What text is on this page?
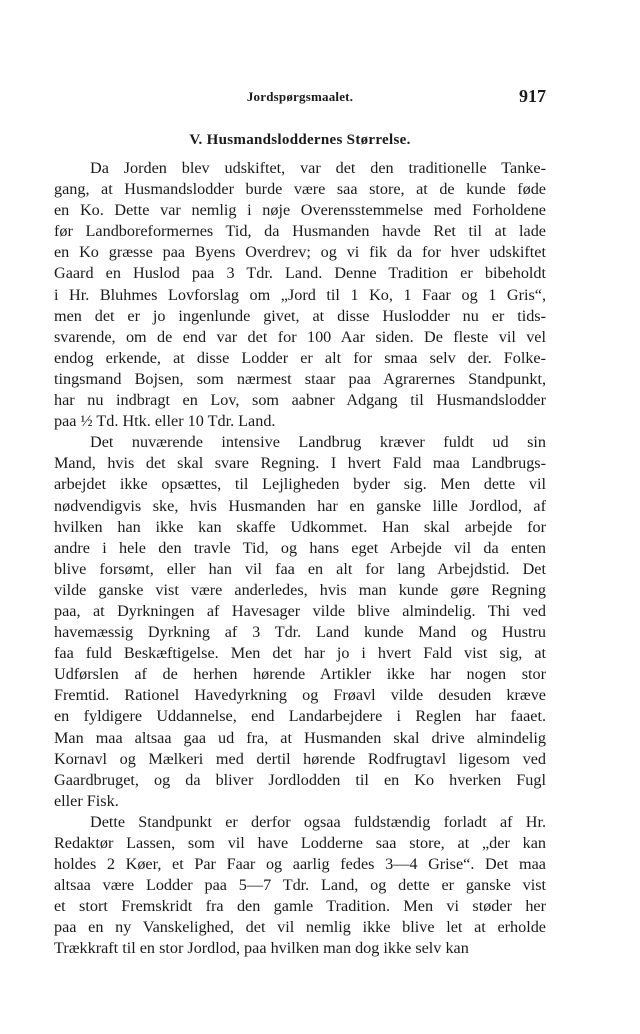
Jordspørgsmaalet.	917
V. Husmandsloddernes Størrelse.
Da Jorden blev udskiftet, var det den traditionelle Tanke-
gang, at Husmandslodder burde være saa store, at de kunde føde
en Ko. Dette var nemlig i nøje Overensstemmelse med Forholdene
før Landboreformernes Tid, da Husmanden havde Ret til at lade
en Ko græsse paa Byens Overdrev; og vi fik da for hver udskiftet
Gaard en Huslod paa 3 Tdr. Land. Denne Tradition er bibeholdt
i Hr. Bluhmes Lovforslag om „Jord til 1 Ko, 1 Faar og 1 Gris“,
men det er jo ingenlunde givet, at disse Huslodder nu er tids-
svarende, om de end var det for 100 Aar siden. De fleste vil vel
endog erkende, at disse Lodder er alt for smaa selv der. Folke-
tingsmand Bojsen, som nærmest staar paa Agrarernes Standpunkt,
har nu indbragt en Lov, som aabner Adgang til Husmandslodder
paa ½ Td. Htk. eller 10 Tdr. Land.
Det nuværende intensive Landbrug kræver fuldt ud sin
Mand, hvis det skal svare Regning. I hvert Fald maa Landbrugs-
arbejdet ikke opsættes, til Lejligheden byder sig. Men dette vil
nødvendigvis ske, hvis Husmanden har en ganske lille Jordlod, af
hvilken han ikke kan skaffe Udkommet. Han skal arbejde for
andre i hele den travle Tid, og hans eget Arbejde vil da enten
blive forsømt, eller han vil faa en alt for lang Arbejdstid. Det
vilde ganske vist være anderledes, hvis man kunde gøre Regning
paa, at Dyrkningen af Havesager vilde blive almindelig. Thi ved
havemæssig Dyrkning af 3 Tdr. Land kunde Mand og Hustru
faa fuld Beskæftigelse. Men det har jo i hvert Fald vist sig, at
Udførslen af de herhen hørende Artikler ikke har nogen stor
Fremtid. Rationel Havedyrkning og Frøavl vilde desuden kræve
en fyldigere Uddannelse, end Landarbejdere i Reglen har faaet.
Man maa altsaa gaa ud fra, at Husmanden skal drive almindelig
Kornavl og Mælkeri med dertil hørende Rodfrugtavl ligesom ved
Gaardbruget, og da bliver Jordlodden til en Ko hverken Fugl
eller Fisk.
Dette Standpunkt er derfor ogsaa fuldstændig forladt af Hr.
Redaktør Lassen, som vil have Lodderne saa store, at „der kan
holdes 2 Køer, et Par Faar og aarlig fedes 3—4 Grise“. Det maa
altsaa være Lodder paa 5—7 Tdr. Land, og dette er ganske vist
et stort Fremskridt fra den gamle Tradition. Men vi støder her
paa en ny Vanskelighed, det vil nemlig ikke blive let at erholde
Trækkraft til en stor Jordlod, paa hvilken man dog ikke selv kan
